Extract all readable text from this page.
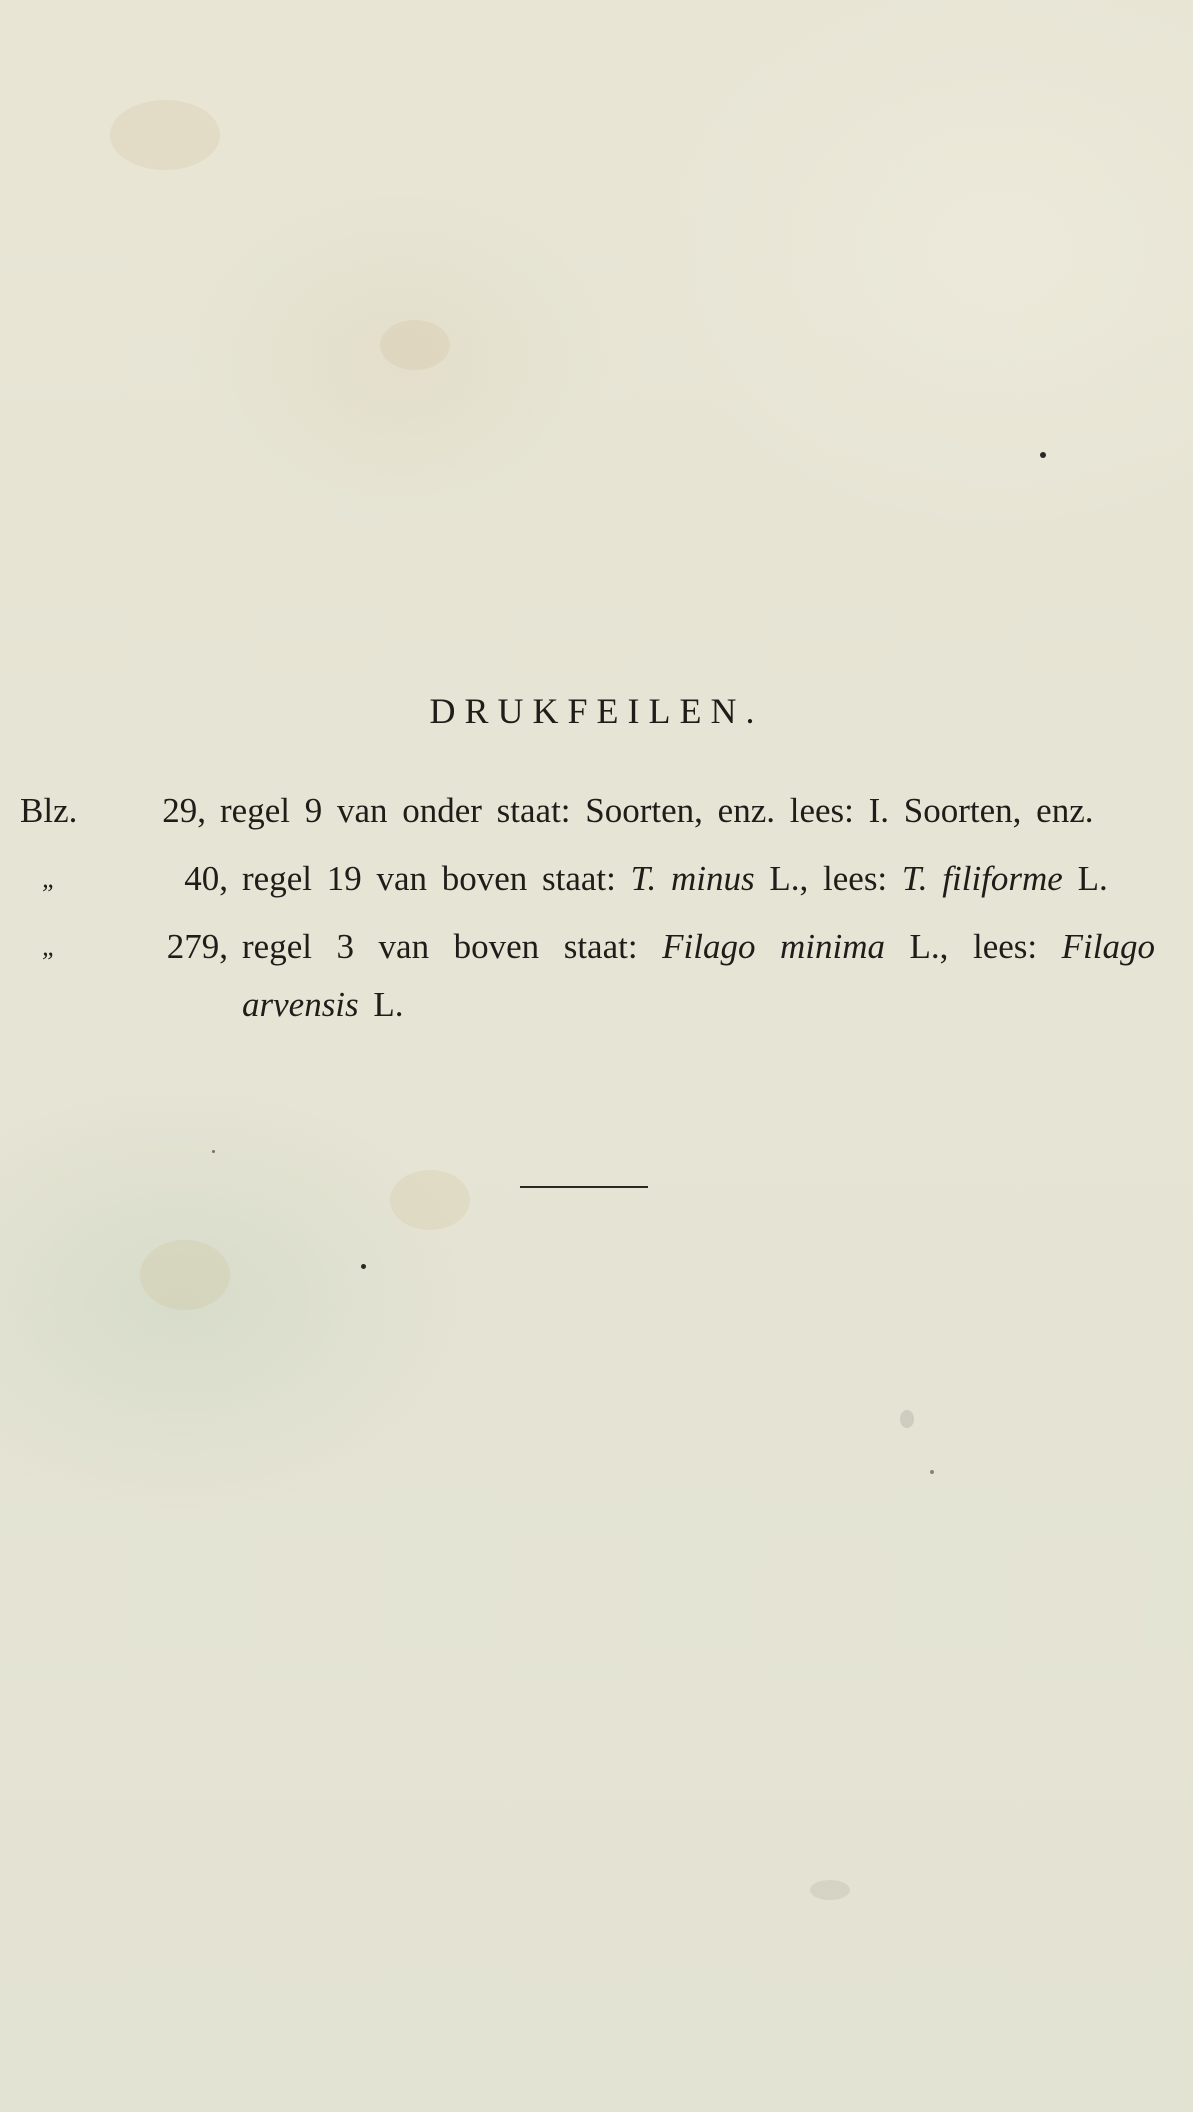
DRUKFEILEN.
Blz.	29, regel 9 van onder staat: Soorten, enz. lees: I. Soorten, enz.
„	40, regel 19 van boven staat: T. minus L., lees: T. filiforme L.
„	279, regel 3 van boven staat: Filago minima L., lees: Filago arvensis L.
